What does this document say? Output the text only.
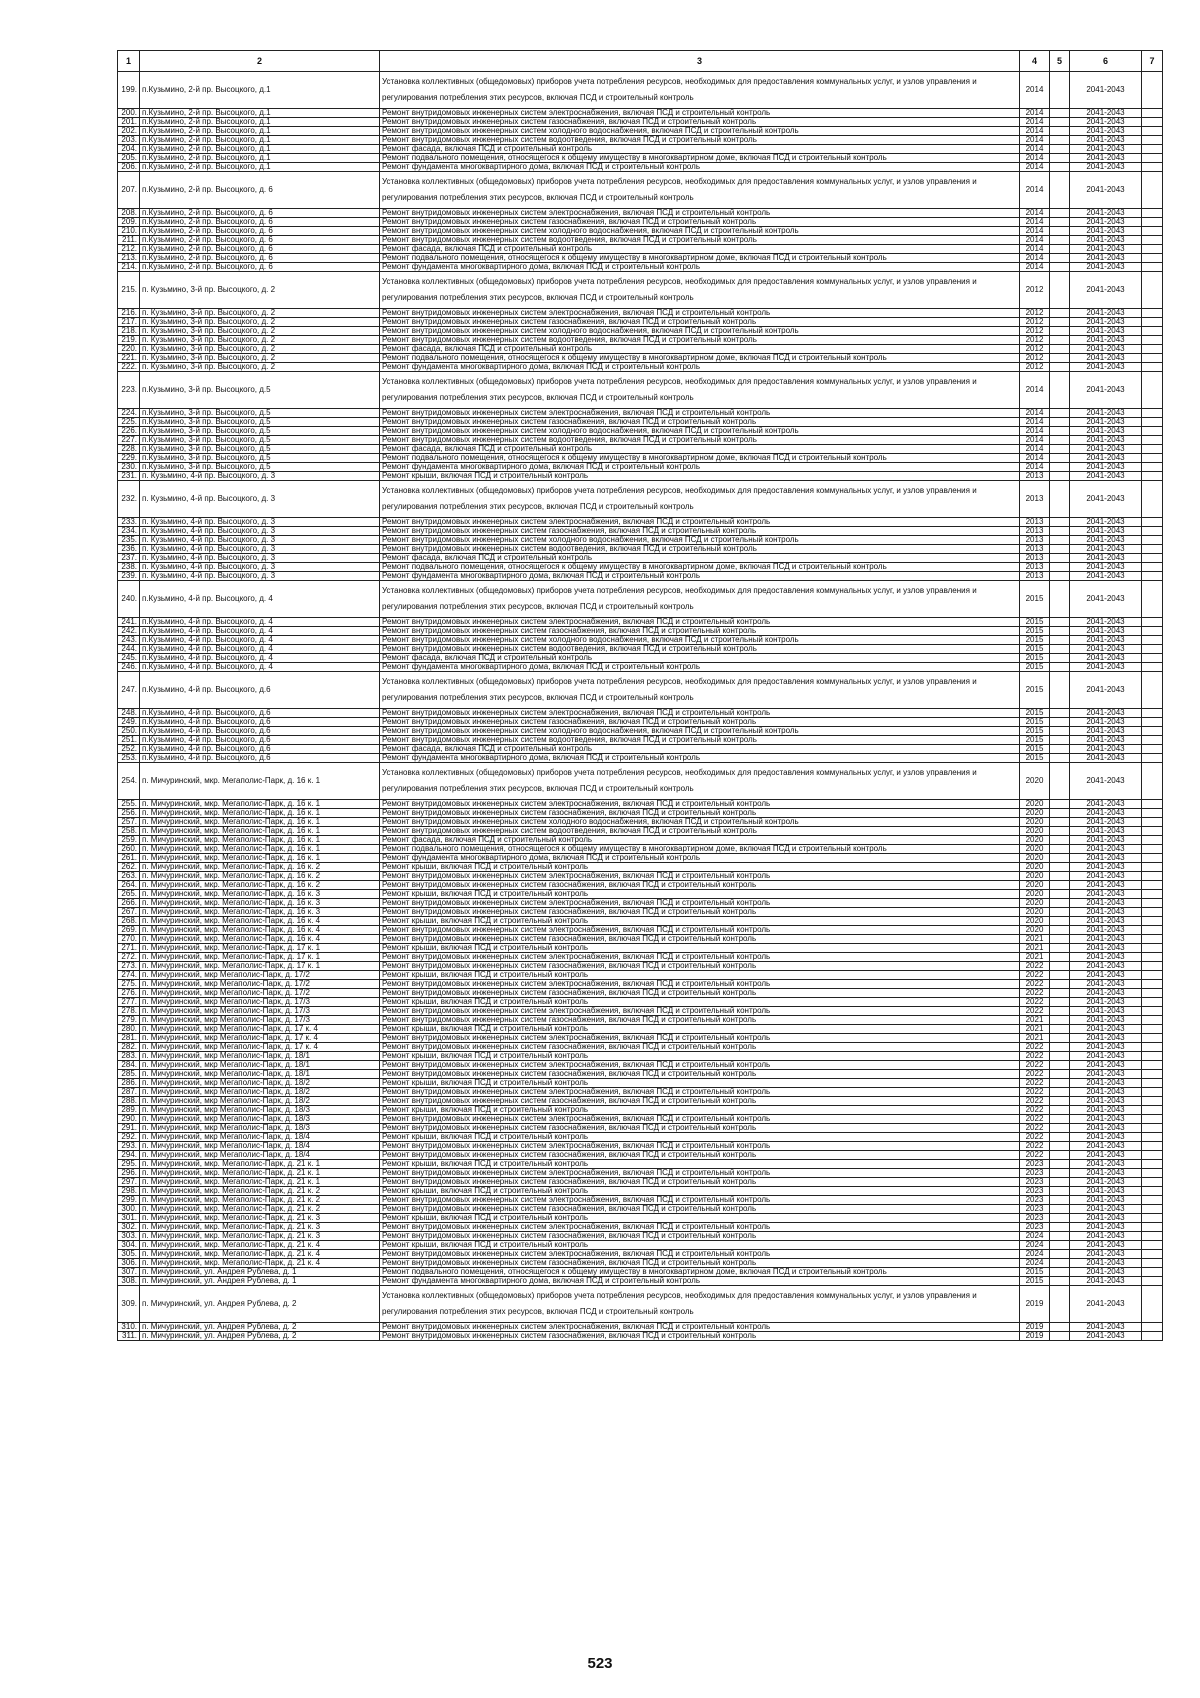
1	2	3	4	5	6	7
199.	п.Кузьмино, 2-й пр. Высоцкого, д.1	Установка коллективных (общедомовых) приборов учета потребления ресурсов, необходимых для предоставления коммунальных услуг, и узлов управления и регулирования потребления этих ресурсов, включая ПСД и строительный контроль	2014		2041-2043	
200.	п.Кузьмино, 2-й пр. Высоцкого, д.1	Ремонт внутридомовых инженерных систем электроснабжения, включая ПСД и строительный контроль	2014		2041-2043	
201.	п.Кузьмино, 2-й пр. Высоцкого, д.1	Ремонт внутридомовых инженерных систем газоснабжения, включая ПСД и строительный контроль	2014		2041-2043	
202.	п.Кузьмино, 2-й пр. Высоцкого, д.1	Ремонт внутридомовых инженерных систем холодного водоснабжения, включая ПСД и строительный контроль	2014		2041-2043	
203.	п.Кузьмино, 2-й пр. Высоцкого, д.1	Ремонт внутридомовых инженерных систем водоотведения, включая ПСД и строительный контроль	2014		2041-2043	
204.	п.Кузьмино, 2-й пр. Высоцкого, д.1	Ремонт фасада, включая ПСД и строительный контроль	2014		2041-2043	
205.	п.Кузьмино, 2-й пр. Высоцкого, д.1	Ремонт подвального помещения, относящегося к общему имуществу в многоквартирном доме, включая ПСД и строительный контроль	2014		2041-2043	
206.	п.Кузьмино, 2-й пр. Высоцкого, д.1	Ремонт фундамента многоквартирного дома, включая ПСД и строительный контроль	2014		2041-2043	
207.	п.Кузьмино, 2-й пр. Высоцкого, д. 6	Установка коллективных (общедомовых) приборов учета потребления ресурсов, необходимых для предоставления коммунальных услуг, и узлов управления и регулирования потребления этих ресурсов, включая ПСД и строительный контроль	2014		2041-2043	
208.	п.Кузьмино, 2-й пр. Высоцкого, д. 6	Ремонт внутридомовых инженерных систем электроснабжения, включая ПСД и строительный контроль	2014		2041-2043	
209.	п.Кузьмино, 2-й пр. Высоцкого, д. 6	Ремонт внутридомовых инженерных систем газоснабжения, включая ПСД и строительный контроль	2014		2041-2043	
210.	п.Кузьмино, 2-й пр. Высоцкого, д. 6	Ремонт внутридомовых инженерных систем холодного водоснабжения, включая ПСД и строительный контроль	2014		2041-2043	
211.	п.Кузьмино, 2-й пр. Высоцкого, д. 6	Ремонт внутридомовых инженерных систем водоотведения, включая ПСД и строительный контроль	2014		2041-2043	
212.	п.Кузьмино, 2-й пр. Высоцкого, д. 6	Ремонт фасада, включая ПСД и строительный контроль	2014		2041-2043	
213.	п.Кузьмино, 2-й пр. Высоцкого, д. 6	Ремонт подвального помещения, относящегося к общему имуществу в многоквартирном доме, включая ПСД и строительный контроль	2014		2041-2043	
214.	п.Кузьмино, 2-й пр. Высоцкого, д. 6	Ремонт фундамента многоквартирного дома, включая ПСД и строительный контроль	2014		2041-2043	
215.	п. Кузьмино, 3-й пр. Высоцкого, д. 2	Установка коллективных (общедомовых) приборов учета потребления ресурсов, необходимых для предоставления коммунальных услуг, и узлов управления и регулирования потребления этих ресурсов, включая ПСД и строительный контроль	2012		2041-2043	
216.	п. Кузьмино, 3-й пр. Высоцкого, д. 2	Ремонт внутридомовых инженерных систем электроснабжения, включая ПСД и строительный контроль	2012		2041-2043	
217.	п. Кузьмино, 3-й пр. Высоцкого, д. 2	Ремонт внутридомовых инженерных систем газоснабжения, включая ПСД и строительный контроль	2012		2041-2043	
218.	п. Кузьмино, 3-й пр. Высоцкого, д. 2	Ремонт внутридомовых инженерных систем холодного водоснабжения, включая ПСД и строительный контроль	2012		2041-2043	
219.	п. Кузьмино, 3-й пр. Высоцкого, д. 2	Ремонт внутридомовых инженерных систем водоотведения, включая ПСД и строительный контроль	2012		2041-2043	
220.	п. Кузьмино, 3-й пр. Высоцкого, д. 2	Ремонт фасада, включая ПСД и строительный контроль	2012		2041-2043	
221.	п. Кузьмино, 3-й пр. Высоцкого, д. 2	Ремонт подвального помещения, относящегося к общему имуществу в многоквартирном доме, включая ПСД и строительный контроль	2012		2041-2043	
222.	п. Кузьмино, 3-й пр. Высоцкого, д. 2	Ремонт фундамента многоквартирного дома, включая ПСД и строительный контроль	2012		2041-2043	
223.	п.Кузьмино, 3-й пр. Высоцкого, д.5	Установка коллективных (общедомовых) приборов учета потребления ресурсов, необходимых для предоставления коммунальных услуг, и узлов управления и регулирования потребления этих ресурсов, включая ПСД и строительный контроль	2014		2041-2043	
224.	п.Кузьмино, 3-й пр. Высоцкого, д.5	Ремонт внутридомовых инженерных систем электроснабжения, включая ПСД и строительный контроль	2014		2041-2043	
225.	п.Кузьмино, 3-й пр. Высоцкого, д.5	Ремонт внутридомовых инженерных систем газоснабжения, включая ПСД и строительный контроль	2014		2041-2043	
226.	п.Кузьмино, 3-й пр. Высоцкого, д.5	Ремонт внутридомовых инженерных систем холодного водоснабжения, включая ПСД и строительный контроль	2014		2041-2043	
227.	п.Кузьмино, 3-й пр. Высоцкого, д.5	Ремонт внутридомовых инженерных систем водоотведения, включая ПСД и строительный контроль	2014		2041-2043	
228.	п.Кузьмино, 3-й пр. Высоцкого, д.5	Ремонт фасада, включая ПСД и строительный контроль	2014		2041-2043	
229.	п.Кузьмино, 3-й пр. Высоцкого, д.5	Ремонт подвального помещения, относящегося к общему имуществу в многоквартирном доме, включая ПСД и строительный контроль	2014		2041-2043	
230.	п.Кузьмино, 3-й пр. Высоцкого, д.5	Ремонт фундамента многоквартирного дома, включая ПСД и строительный контроль	2014		2041-2043	
231.	п. Кузьмино, 4-й пр. Высоцкого, д. 3	Ремонт крыши, включая ПСД и строительный контроль	2013		2041-2043	
232.	п. Кузьмино, 4-й пр. Высоцкого, д. 3	Установка коллективных (общедомовых) приборов учета потребления ресурсов, необходимых для предоставления коммунальных услуг, и узлов управления и регулирования потребления этих ресурсов, включая ПСД и строительный контроль	2013		2041-2043	
233.	п. Кузьмино, 4-й пр. Высоцкого, д. 3	Ремонт внутридомовых инженерных систем электроснабжения, включая ПСД и строительный контроль	2013		2041-2043	
234.	п. Кузьмино, 4-й пр. Высоцкого, д. 3	Ремонт внутридомовых инженерных систем газоснабжения, включая ПСД и строительный контроль	2013		2041-2043	
235.	п. Кузьмино, 4-й пр. Высоцкого, д. 3	Ремонт внутридомовых инженерных систем холодного водоснабжения, включая ПСД и строительный контроль	2013		2041-2043	
236.	п. Кузьмино, 4-й пр. Высоцкого, д. 3	Ремонт внутридомовых инженерных систем водоотведения, включая ПСД и строительный контроль	2013		2041-2043	
237.	п. Кузьмино, 4-й пр. Высоцкого, д. 3	Ремонт фасада, включая ПСД и строительный контроль	2013		2041-2043	
238.	п. Кузьмино, 4-й пр. Высоцкого, д. 3	Ремонт подвального помещения, относящегося к общему имуществу в многоквартирном доме, включая ПСД и строительный контроль	2013		2041-2043	
239.	п. Кузьмино, 4-й пр. Высоцкого, д. 3	Ремонт фундамента многоквартирного дома, включая ПСД и строительный контроль	2013		2041-2043	
240.	п.Кузьмино, 4-й пр. Высоцкого, д. 4	Установка коллективных (общедомовых) приборов учета потребления ресурсов, необходимых для предоставления коммунальных услуг, и узлов управления и регулирования потребления этих ресурсов, включая ПСД и строительный контроль	2015		2041-2043	
241.	п.Кузьмино, 4-й пр. Высоцкого, д. 4	Ремонт внутридомовых инженерных систем электроснабжения, включая ПСД и строительный контроль	2015		2041-2043	
242.	п.Кузьмино, 4-й пр. Высоцкого, д. 4	Ремонт внутридомовых инженерных систем газоснабжения, включая ПСД и строительный контроль	2015		2041-2043	
243.	п.Кузьмино, 4-й пр. Высоцкого, д. 4	Ремонт внутридомовых инженерных систем холодного водоснабжения, включая ПСД и строительный контроль	2015		2041-2043	
244.	п.Кузьмино, 4-й пр. Высоцкого, д. 4	Ремонт внутридомовых инженерных систем водоотведения, включая ПСД и строительный контроль	2015		2041-2043	
245.	п.Кузьмино, 4-й пр. Высоцкого, д. 4	Ремонт фасада, включая ПСД и строительный контроль	2015		2041-2043	
246.	п.Кузьмино, 4-й пр. Высоцкого, д. 4	Ремонт фундамента многоквартирного дома, включая ПСД и строительный контроль	2015		2041-2043	
247.	п.Кузьмино, 4-й пр. Высоцкого, д.6	Установка коллективных (общедомовых) приборов учета потребления ресурсов, необходимых для предоставления коммунальных услуг, и узлов управления и регулирования потребления этих ресурсов, включая ПСД и строительный контроль	2015		2041-2043	
248.	п.Кузьмино, 4-й пр. Высоцкого, д.6	Ремонт внутридомовых инженерных систем электроснабжения, включая ПСД и строительный контроль	2015		2041-2043	
249.	п.Кузьмино, 4-й пр. Высоцкого, д.6	Ремонт внутридомовых инженерных систем газоснабжения, включая ПСД и строительный контроль	2015		2041-2043	
250.	п.Кузьмино, 4-й пр. Высоцкого, д.6	Ремонт внутридомовых инженерных систем холодного водоснабжения, включая ПСД и строительный контроль	2015		2041-2043	
251.	п.Кузьмино, 4-й пр. Высоцкого, д.6	Ремонт внутридомовых инженерных систем водоотведения, включая ПСД и строительный контроль	2015		2041-2043	
252.	п.Кузьмино, 4-й пр. Высоцкого, д.6	Ремонт фасада, включая ПСД и строительный контроль	2015		2041-2043	
253.	п.Кузьмино, 4-й пр. Высоцкого, д.6	Ремонт фундамента многоквартирного дома, включая ПСД и строительный контроль	2015		2041-2043	
254.	п. Мичуринский, мкр. Мегаполис-Парк, д. 16 к. 1	Установка коллективных (общедомовых) приборов учета потребления ресурсов, необходимых для предоставления коммунальных услуг, и узлов управления и регулирования потребления этих ресурсов, включая ПСД и строительный контроль	2020		2041-2043	
255.	п. Мичуринский, мкр. Мегаполис-Парк, д. 16 к. 1	Ремонт внутридомовых инженерных систем электроснабжения, включая ПСД и строительный контроль	2020		2041-2043	
256.	п. Мичуринский, мкр. Мегаполис-Парк, д. 16 к. 1	Ремонт внутридомовых инженерных систем газоснабжения, включая ПСД и строительный контроль	2020		2041-2043	
257.	п. Мичуринский, мкр. Мегаполис-Парк, д. 16 к. 1	Ремонт внутридомовых инженерных систем холодного водоснабжения, включая ПСД и строительный контроль	2020		2041-2043	
258.	п. Мичуринский, мкр. Мегаполис-Парк, д. 16 к. 1	Ремонт внутридомовых инженерных систем водоотведения, включая ПСД и строительный контроль	2020		2041-2043	
259.	п. Мичуринский, мкр. Мегаполис-Парк, д. 16 к. 1	Ремонт фасада, включая ПСД и строительный контроль	2020		2041-2043	
260.	п. Мичуринский, мкр. Мегаполис-Парк, д. 16 к. 1	Ремонт подвального помещения, относящегося к общему имуществу в многоквартирном доме, включая ПСД и строительный контроль	2020		2041-2043	
261.	п. Мичуринский, мкр. Мегаполис-Парк, д. 16 к. 1	Ремонт фундамента многоквартирного дома, включая ПСД и строительный контроль	2020		2041-2043	
262.	п. Мичуринский, мкр. Мегаполис-Парк, д. 16 к. 2	Ремонт крыши, включая ПСД и строительный контроль	2020		2041-2043	
263.	п. Мичуринский, мкр. Мегаполис-Парк, д. 16 к. 2	Ремонт внутридомовых инженерных систем электроснабжения, включая ПСД и строительный контроль	2020		2041-2043	
264.	п. Мичуринский, мкр. Мегаполис-Парк, д. 16 к. 2	Ремонт внутридомовых инженерных систем газоснабжения, включая ПСД и строительный контроль	2020		2041-2043	
265.	п. Мичуринский, мкр. Мегаполис-Парк, д. 16 к. 3	Ремонт крыши, включая ПСД и строительный контроль	2020		2041-2043	
266.	п. Мичуринский, мкр. Мегаполис-Парк, д. 16 к. 3	Ремонт внутридомовых инженерных систем электроснабжения, включая ПСД и строительный контроль	2020		2041-2043	
267.	п. Мичуринский, мкр. Мегаполис-Парк, д. 16 к. 3	Ремонт внутридомовых инженерных систем газоснабжения, включая ПСД и строительный контроль	2020		2041-2043	
268.	п. Мичуринский, мкр. Мегаполис-Парк, д. 16 к. 4	Ремонт крыши, включая ПСД и строительный контроль	2020		2041-2043	
269.	п. Мичуринский, мкр. Мегаполис-Парк, д. 16 к. 4	Ремонт внутридомовых инженерных систем электроснабжения, включая ПСД и строительный контроль	2020		2041-2043	
270.	п. Мичуринский, мкр. Мегаполис-Парк, д. 16 к. 4	Ремонт внутридомовых инженерных систем газоснабжения, включая ПСД и строительный контроль	2021		2041-2043	
271.	п. Мичуринский, мкр. Мегаполис-Парк, д. 17 к. 1	Ремонт крыши, включая ПСД и строительный контроль	2021		2041-2043	
272.	п. Мичуринский, мкр. Мегаполис-Парк, д. 17 к. 1	Ремонт внутридомовых инженерных систем электроснабжения, включая ПСД и строительный контроль	2021		2041-2043	
273.	п. Мичуринский, мкр. Мегаполис-Парк, д. 17 к. 1	Ремонт внутридомовых инженерных систем газоснабжения, включая ПСД и строительный контроль	2022		2041-2043	
274.	п. Мичуринский, мкр Мегаполис-Парк, д. 17/2	Ремонт крыши, включая ПСД и строительный контроль	2022		2041-2043	
275.	п. Мичуринский, мкр Мегаполис-Парк, д. 17/2	Ремонт внутридомовых инженерных систем электроснабжения, включая ПСД и строительный контроль	2022		2041-2043	
276.	п. Мичуринский, мкр Мегаполис-Парк, д. 17/2	Ремонт внутридомовых инженерных систем газоснабжения, включая ПСД и строительный контроль	2022		2041-2043	
277.	п. Мичуринский, мкр Мегаполис-Парк, д. 17/3	Ремонт крыши, включая ПСД и строительный контроль	2022		2041-2043	
278.	п. Мичуринский, мкр Мегаполис-Парк, д. 17/3	Ремонт внутридомовых инженерных систем электроснабжения, включая ПСД и строительный контроль	2022		2041-2043	
279.	п. Мичуринский, мкр Мегаполис-Парк, д. 17/3	Ремонт внутридомовых инженерных систем газоснабжения, включая ПСД и строительный контроль	2021		2041-2043	
280.	п. Мичуринский, мкр Мегаполис-Парк, д. 17 к. 4	Ремонт крыши, включая ПСД и строительный контроль	2021		2041-2043	
281.	п. Мичуринский, мкр Мегаполис-Парк, д. 17 к. 4	Ремонт внутридомовых инженерных систем электроснабжения, включая ПСД и строительный контроль	2021		2041-2043	
282.	п. Мичуринский, мкр Мегаполис-Парк, д. 17 к. 4	Ремонт внутридомовых инженерных систем газоснабжения, включая ПСД и строительный контроль	2022		2041-2043	
283.	п. Мичуринский, мкр Мегаполис-Парк, д. 18/1	Ремонт крыши, включая ПСД и строительный контроль	2022		2041-2043	
284.	п. Мичуринский, мкр Мегаполис-Парк, д. 18/1	Ремонт внутридомовых инженерных систем электроснабжения, включая ПСД и строительный контроль	2022		2041-2043	
285.	п. Мичуринский, мкр Мегаполис-Парк, д. 18/1	Ремонт внутридомовых инженерных систем газоснабжения, включая ПСД и строительный контроль	2022		2041-2043	
286.	п. Мичуринский, мкр Мегаполис-Парк, д. 18/2	Ремонт крыши, включая ПСД и строительный контроль	2022		2041-2043	
287.	п. Мичуринский, мкр Мегаполис-Парк, д. 18/2	Ремонт внутридомовых инженерных систем электроснабжения, включая ПСД и строительный контроль	2022		2041-2043	
288.	п. Мичуринский, мкр Мегаполис-Парк, д. 18/2	Ремонт внутридомовых инженерных систем газоснабжения, включая ПСД и строительный контроль	2022		2041-2043	
289.	п. Мичуринский, мкр Мегаполис-Парк, д. 18/3	Ремонт крыши, включая ПСД и строительный контроль	2022		2041-2043	
290.	п. Мичуринский, мкр Мегаполис-Парк, д. 18/3	Ремонт внутридомовых инженерных систем электроснабжения, включая ПСД и строительный контроль	2022		2041-2043	
291.	п. Мичуринский, мкр Мегаполис-Парк, д. 18/3	Ремонт внутридомовых инженерных систем газоснабжения, включая ПСД и строительный контроль	2022		2041-2043	
292.	п. Мичуринский, мкр Мегаполис-Парк, д. 18/4	Ремонт крыши, включая ПСД и строительный контроль	2022		2041-2043	
293.	п. Мичуринский, мкр Мегаполис-Парк, д. 18/4	Ремонт внутридомовых инженерных систем электроснабжения, включая ПСД и строительный контроль	2022		2041-2043	
294.	п. Мичуринский, мкр Мегаполис-Парк, д. 18/4	Ремонт внутридомовых инженерных систем газоснабжения, включая ПСД и строительный контроль	2022		2041-2043	
295.	п. Мичуринский, мкр. Мегаполис-Парк, д. 21 к. 1	Ремонт крыши, включая ПСД и строительный контроль	2023		2041-2043	
296.	п. Мичуринский, мкр. Мегаполис-Парк, д. 21 к. 1	Ремонт внутридомовых инженерных систем электроснабжения, включая ПСД и строительный контроль	2023		2041-2043	
297.	п. Мичуринский, мкр. Мегаполис-Парк, д. 21 к. 1	Ремонт внутридомовых инженерных систем газоснабжения, включая ПСД и строительный контроль	2023		2041-2043	
298.	п. Мичуринский, мкр. Мегаполис-Парк, д. 21 к. 2	Ремонт крыши, включая ПСД и строительный контроль	2023		2041-2043	
299.	п. Мичуринский, мкр. Мегаполис-Парк, д. 21 к. 2	Ремонт внутридомовых инженерных систем электроснабжения, включая ПСД и строительный контроль	2023		2041-2043	
300.	п. Мичуринский, мкр. Мегаполис-Парк, д. 21 к. 2	Ремонт внутридомовых инженерных систем газоснабжения, включая ПСД и строительный контроль	2023		2041-2043	
301.	п. Мичуринский, мкр. Мегаполис-Парк, д. 21 к. 3	Ремонт крыши, включая ПСД и строительный контроль	2023		2041-2043	
302.	п. Мичуринский, мкр. Мегаполис-Парк, д. 21 к. 3	Ремонт внутридомовых инженерных систем электроснабжения, включая ПСД и строительный контроль	2023		2041-2043	
303.	п. Мичуринский, мкр. Мегаполис-Парк, д. 21 к. 3	Ремонт внутридомовых инженерных систем газоснабжения, включая ПСД и строительный контроль	2024		2041-2043	
304.	п. Мичуринский, мкр. Мегаполис-Парк, д. 21 к. 4	Ремонт крыши, включая ПСД и строительный контроль	2024		2041-2043	
305.	п. Мичуринский, мкр. Мегаполис-Парк, д. 21 к. 4	Ремонт внутридомовых инженерных систем электроснабжения, включая ПСД и строительный контроль	2024		2041-2043	
306.	п. Мичуринский, мкр. Мегаполис-Парк, д. 21 к. 4	Ремонт внутридомовых инженерных систем газоснабжения, включая ПСД и строительный контроль	2024		2041-2043	
307.	п. Мичуринский, ул. Андрея Рублева, д. 1	Ремонт подвального помещения, относящегося к общему имуществу в многоквартирном доме, включая ПСД и строительный контроль	2015		2041-2043	
308.	п. Мичуринский, ул. Андрея Рублева, д. 1	Ремонт фундамента многоквартирного дома, включая ПСД и строительный контроль	2015		2041-2043	
309.	п. Мичуринский, ул. Андрея Рублева, д. 2	Установка коллективных (общедомовых) приборов учета потребления ресурсов, необходимых для предоставления коммунальных услуг, и узлов управления и регулирования потребления этих ресурсов, включая ПСД и строительный контроль	2019		2041-2043	
310.	п. Мичуринский, ул. Андрея Рублева, д. 2	Ремонт внутридомовых инженерных систем электроснабжения, включая ПСД и строительный контроль	2019		2041-2043	
311.	п. Мичуринский, ул. Андрея Рублева, д. 2	Ремонт внутридомовых инженерных систем газоснабжения, включая ПСД и строительный контроль	2019		2041-2043	
523
